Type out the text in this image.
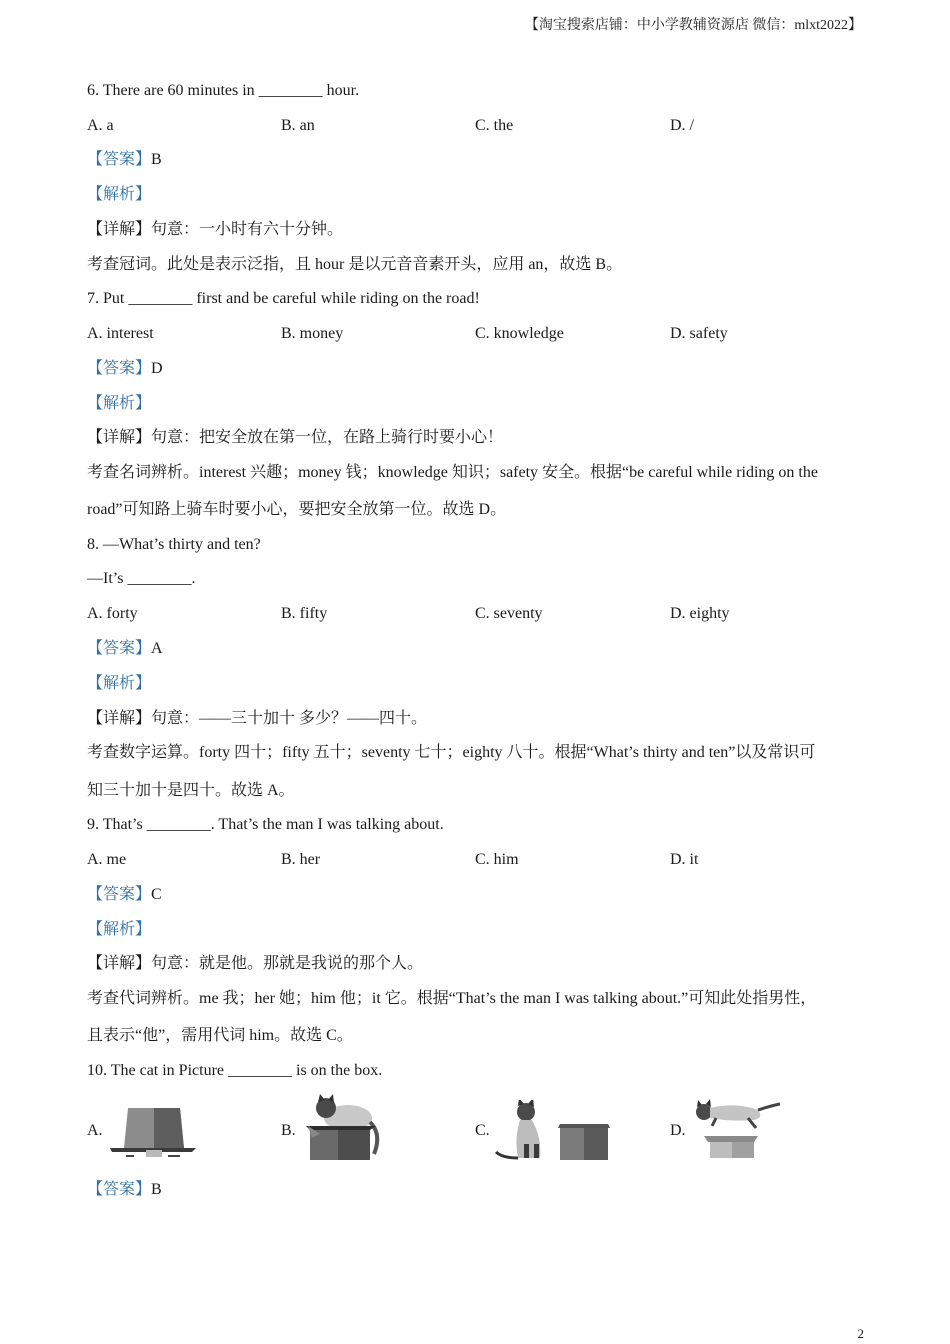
【淘宝搜索店铺：中小学教辅资源店 微信：mlxt2022】
6. There are 60 minutes in ________ hour.
A. a	B. an	C. the	D. /
【答案】B
【解析】
【详解】句意：一小时有六十分钟。
考查冠词。此处是表示泛指，且 hour 是以元音音素开头，应用 an，故选 B。
7. Put ________ first and be careful while riding on the road!
A. interest	B. money	C. knowledge	D. safety
【答案】D
【解析】
【详解】句意：把安全放在第一位，在路上骑行时要小心！
考查名词辨析。interest 兴趣；money 钱；knowledge 知识；safety 安全。根据“be careful while riding on the
road”可知路上骑车时要小心，要把安全放第一位。故选 D。
8. —What’s thirty and ten?
—It’s ________.
A. forty	B. fifty	C. seventy	D. eighty
【答案】A
【解析】
【详解】句意：——三十加十 多少？——四十。
考查数字运算。forty 四十；fifty 五十；seventy 七十；eighty 八十。根据“What’s thirty and ten”以及常识可
知三十加十是四十。故选 A。
9. That’s ________. That’s the man I was talking about.
A. me	B. her	C. him	D. it
【答案】C
【解析】
【详解】句意：就是他。那就是我说的那个人。
考查代词辨析。me 我；her 她；him 他；it 它。根据“That’s the man I was talking about.”可知此处指男性，
且表示“他”，需用代词 him。故选 C。
10. The cat in Picture ________ is on the box.
A.	B.	C.	D.
【答案】B
2
